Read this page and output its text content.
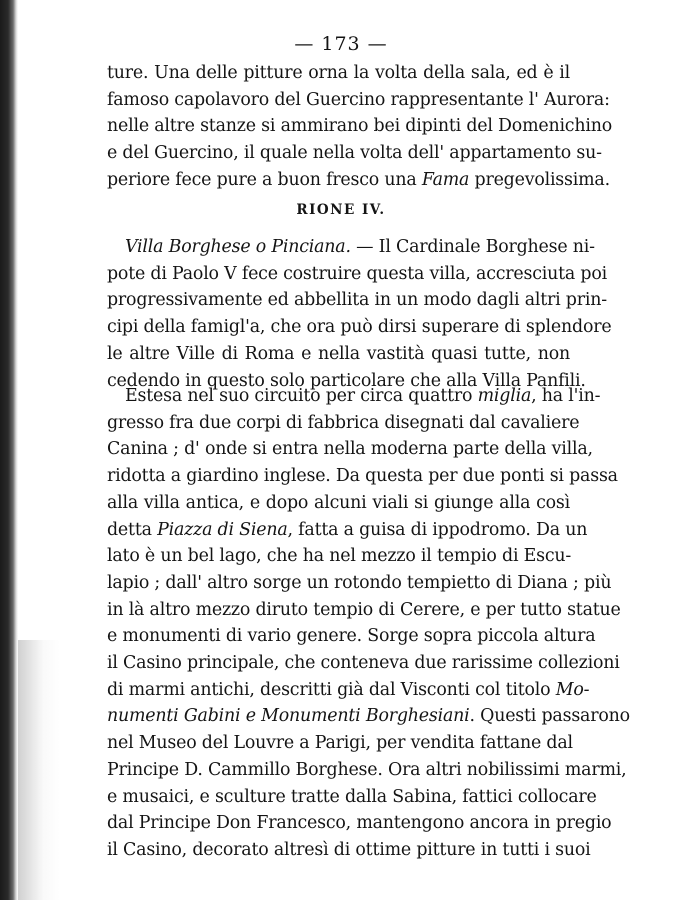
— 173 —
ture. Una delle pitture orna la volta della sala, ed è il
famoso capolavoro del Guercino rappresentante l' Aurora:
nelle altre stanze si ammirano bei dipinti del Domenichino
e del Guercino, il quale nella volta dell' appartamento su-
periore fece pure a buon fresco una Fama pregevolissima.
RIONE IV.
Villa Borghese o Pinciana. — Il Cardinale Borghese ni-
pote di Paolo V fece costruire questa villa, accresciuta poi
progressivamente ed abbellita in un modo dagli altri prin-
cipi della famigl'a, che ora può dirsi superare di splendore
le altre Ville di Roma e nella vastità quasi tutte, non
cedendo in questo solo particolare che alla Villa Panfili.
Estesa nel suo circuito per circa quattro miglia, ha l'in-
gresso fra due corpi di fabbrica disegnati dal cavaliere
Canina ; d' onde si entra nella moderna parte della villa,
ridotta a giardino inglese. Da questa per due ponti si passa
alla villa antica, e dopo alcuni viali si giunge alla così
detta Piazza di Siena, fatta a guisa di ippodromo. Da un
lato è un bel lago, che ha nel mezzo il tempio di Escu-
lapio ; dall' altro sorge un rotondo tempietto di Diana ; più
in là altro mezzo diruto tempio di Cerere, e per tutto statue
e monumenti di vario genere. Sorge sopra piccola altura
il Casino principale, che conteneva due rarissime collezioni
di marmi antichi, descritti già dal Visconti col titolo Mo-
numenti Gabini e Monumenti Borghesiani. Questi passarono
nel Museo del Louvre a Parigi, per vendita fattane dal
Principe D. Cammillo Borghese. Ora altri nobilissimi marmi,
e musaici, e sculture tratte dalla Sabina, fattici collocare
dal Principe Don Francesco, mantengono ancora in pregio
il Casino, decorato altresì di ottime pitture in tutti i suoi
